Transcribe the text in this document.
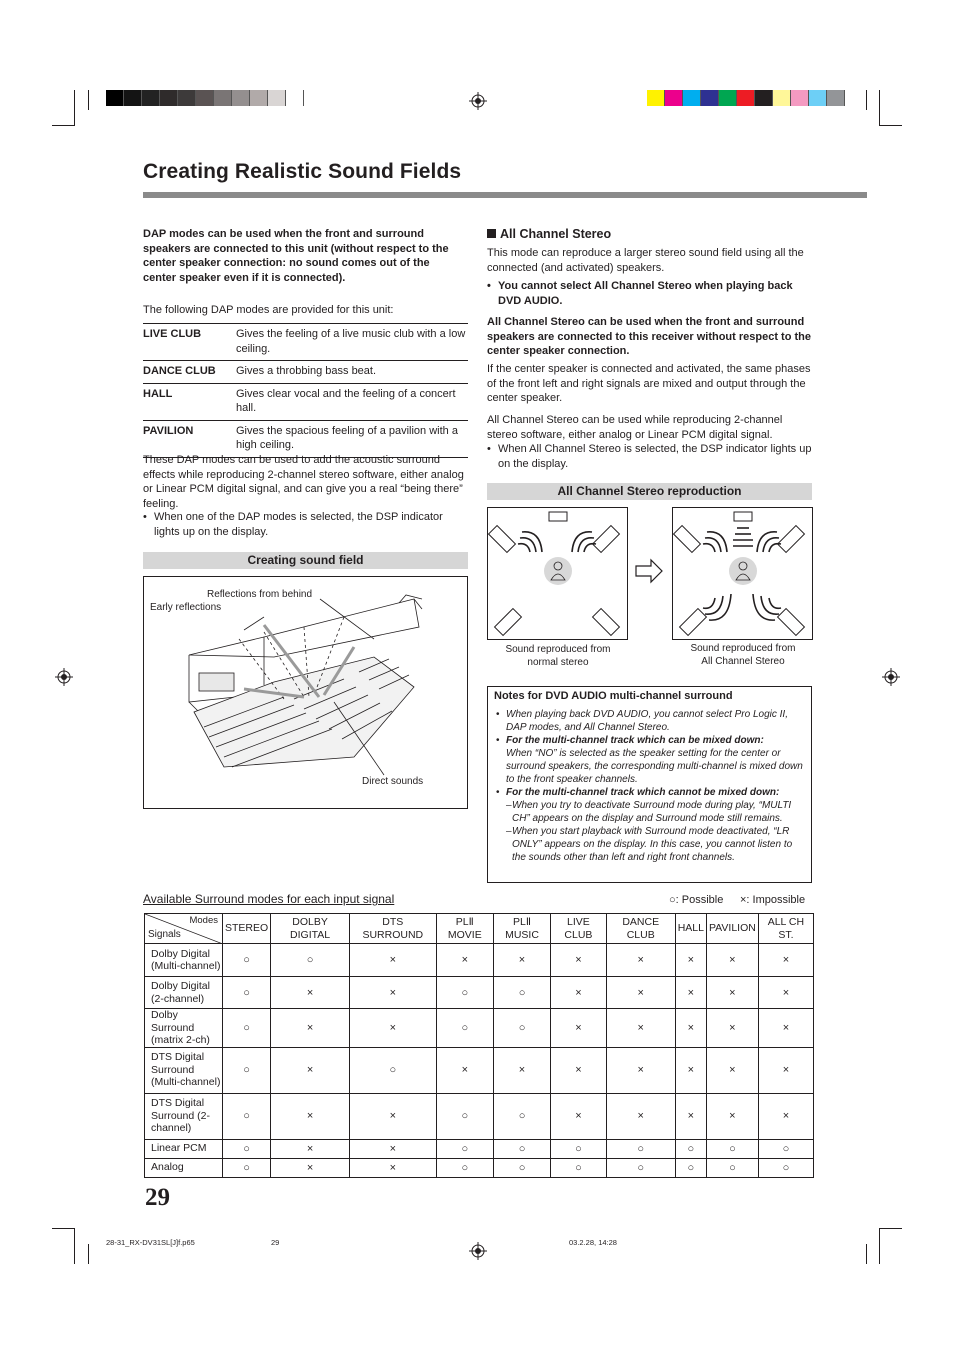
Creating Realistic Sound Fields
DAP modes can be used when the front and surround speakers are connected to this unit (without respect to the center speaker connection: no sound comes out of the center speaker even if it is connected).
The following DAP modes are provided for this unit:
LIVE CLUB	Gives the feeling of a live music club with a low ceiling.
DANCE CLUB	Gives a throbbing bass beat.
HALL	Gives clear vocal and the feeling of a concert hall.
PAVILION	Gives the spacious feeling of a pavilion with a high ceiling.
These DAP modes can be used to add the acoustic surround effects while reproducing 2-channel stereo software, either analog or Linear PCM digital signal, and can give you a real “being there” feeling.
• When one of the DAP modes is selected, the DSP indicator lights up on the display.
Creating sound field
Reflections from behind
Early reflections
Direct sounds
All Channel Stereo
This mode can reproduce a larger stereo sound field using all the connected (and activated) speakers.
• You cannot select All Channel Stereo when playing back DVD AUDIO.
All Channel Stereo can be used when the front and surround speakers are connected to this receiver without respect to the center speaker connection.
If the center speaker is connected and activated, the same phases of the front left and right signals are mixed and output through the center speaker.
All Channel Stereo can be used while reproducing 2-channel stereo software, either analog or Linear PCM digital signal.
• When All Channel Stereo is selected, the DSP indicator lights up on the display.
All Channel Stereo reproduction
Sound reproduced from
normal stereo
Sound reproduced from
All Channel Stereo
Notes for DVD AUDIO multi-channel surround
• When playing back DVD AUDIO, you cannot select Pro Logic II, DAP modes, and All Channel Stereo.
• For the multi-channel track which can be mixed down:
When “NO” is selected as the speaker setting for the center or surround speakers, the corresponding multi-channel is mixed down to the front speaker channels.
• For the multi-channel track which cannot be mixed down:
– When you try to deactivate Surround mode during play, “MULTI CH” appears on the display and Surround mode still remains.
– When you start playback with Surround mode deactivated, “LR ONLY” appears on the display. In this case, you cannot listen to the sounds other than left and right front channels.
Available Surround modes for each input signal	○: Possible ×: Impossible
Modes
Signals	STEREO	DOLBY DIGITAL	DTS SURROUND	PLⅡ MOVIE	PLⅡ MUSIC	LIVE CLUB	DANCE CLUB	HALL	PAVILION	ALL CH ST.
Dolby Digital (Multi-channel)	○	○	×	×	×	×	×	×	×	×
Dolby Digital (2-channel)	○	×	×	○	○	×	×	×	×	×
Dolby Surround (matrix 2-ch)	○	×	×	○	○	×	×	×	×	×
DTS Digital Surround (Multi-channel)	○	×	○	×	×	×	×	×	×	×
DTS Digital Surround (2-channel)	○	×	×	○	○	×	×	×	×	×
Linear PCM	○	×	×	○	○	○	○	○	○	○
Analog	○	×	×	○	○	○	○	○	○	○
29
28-31_RX-DV31SL[J]f.p65	29	03.2.28, 14:28
